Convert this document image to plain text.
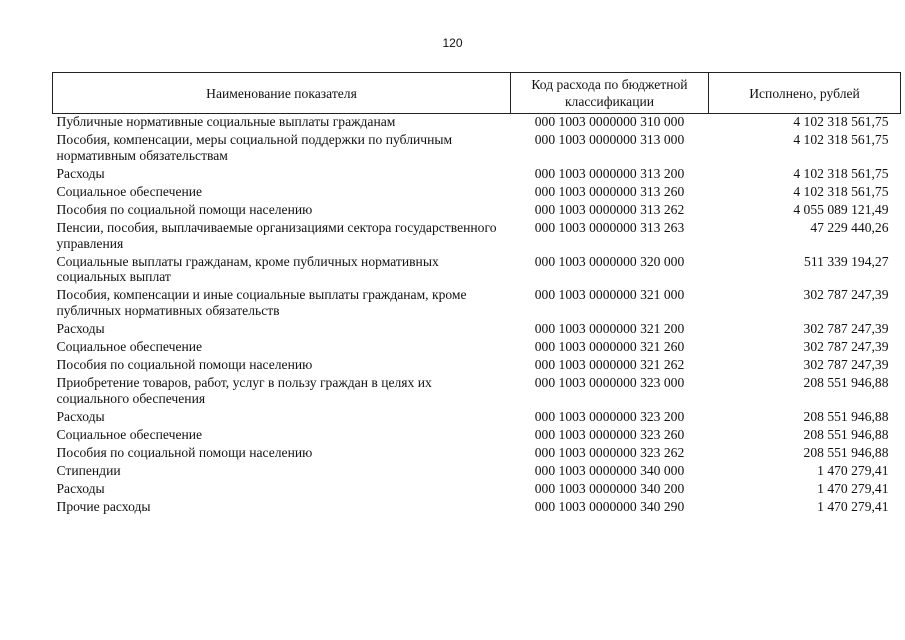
120
Наименование показателя	Код расхода по бюджетной классификации	Исполнено, рублей
Публичные нормативные социальные выплаты гражданам	000 1003 0000000 310 000	4 102 318 561,75
Пособия, компенсации, меры социальной поддержки по публичным нормативным обязательствам	000 1003 0000000 313 000	4 102 318 561,75
Расходы	000 1003 0000000 313 200	4 102 318 561,75
Социальное обеспечение	000 1003 0000000 313 260	4 102 318 561,75
Пособия по социальной помощи населению	000 1003 0000000 313 262	4 055 089 121,49
Пенсии, пособия, выплачиваемые организациями сектора государственного управления	000 1003 0000000 313 263	47 229 440,26
Социальные выплаты гражданам, кроме публичных нормативных социальных выплат	000 1003 0000000 320 000	511 339 194,27
Пособия, компенсации и иные социальные выплаты гражданам, кроме публичных нормативных обязательств	000 1003 0000000 321 000	302 787 247,39
Расходы	000 1003 0000000 321 200	302 787 247,39
Социальное обеспечение	000 1003 0000000 321 260	302 787 247,39
Пособия по социальной помощи населению	000 1003 0000000 321 262	302 787 247,39
Приобретение товаров, работ, услуг в пользу граждан в целях их социального обеспечения	000 1003 0000000 323 000	208 551 946,88
Расходы	000 1003 0000000 323 200	208 551 946,88
Социальное обеспечение	000 1003 0000000 323 260	208 551 946,88
Пособия по социальной помощи населению	000 1003 0000000 323 262	208 551 946,88
Стипендии	000 1003 0000000 340 000	1 470 279,41
Расходы	000 1003 0000000 340 200	1 470 279,41
Прочие расходы	000 1003 0000000 340 290	1 470 279,41
